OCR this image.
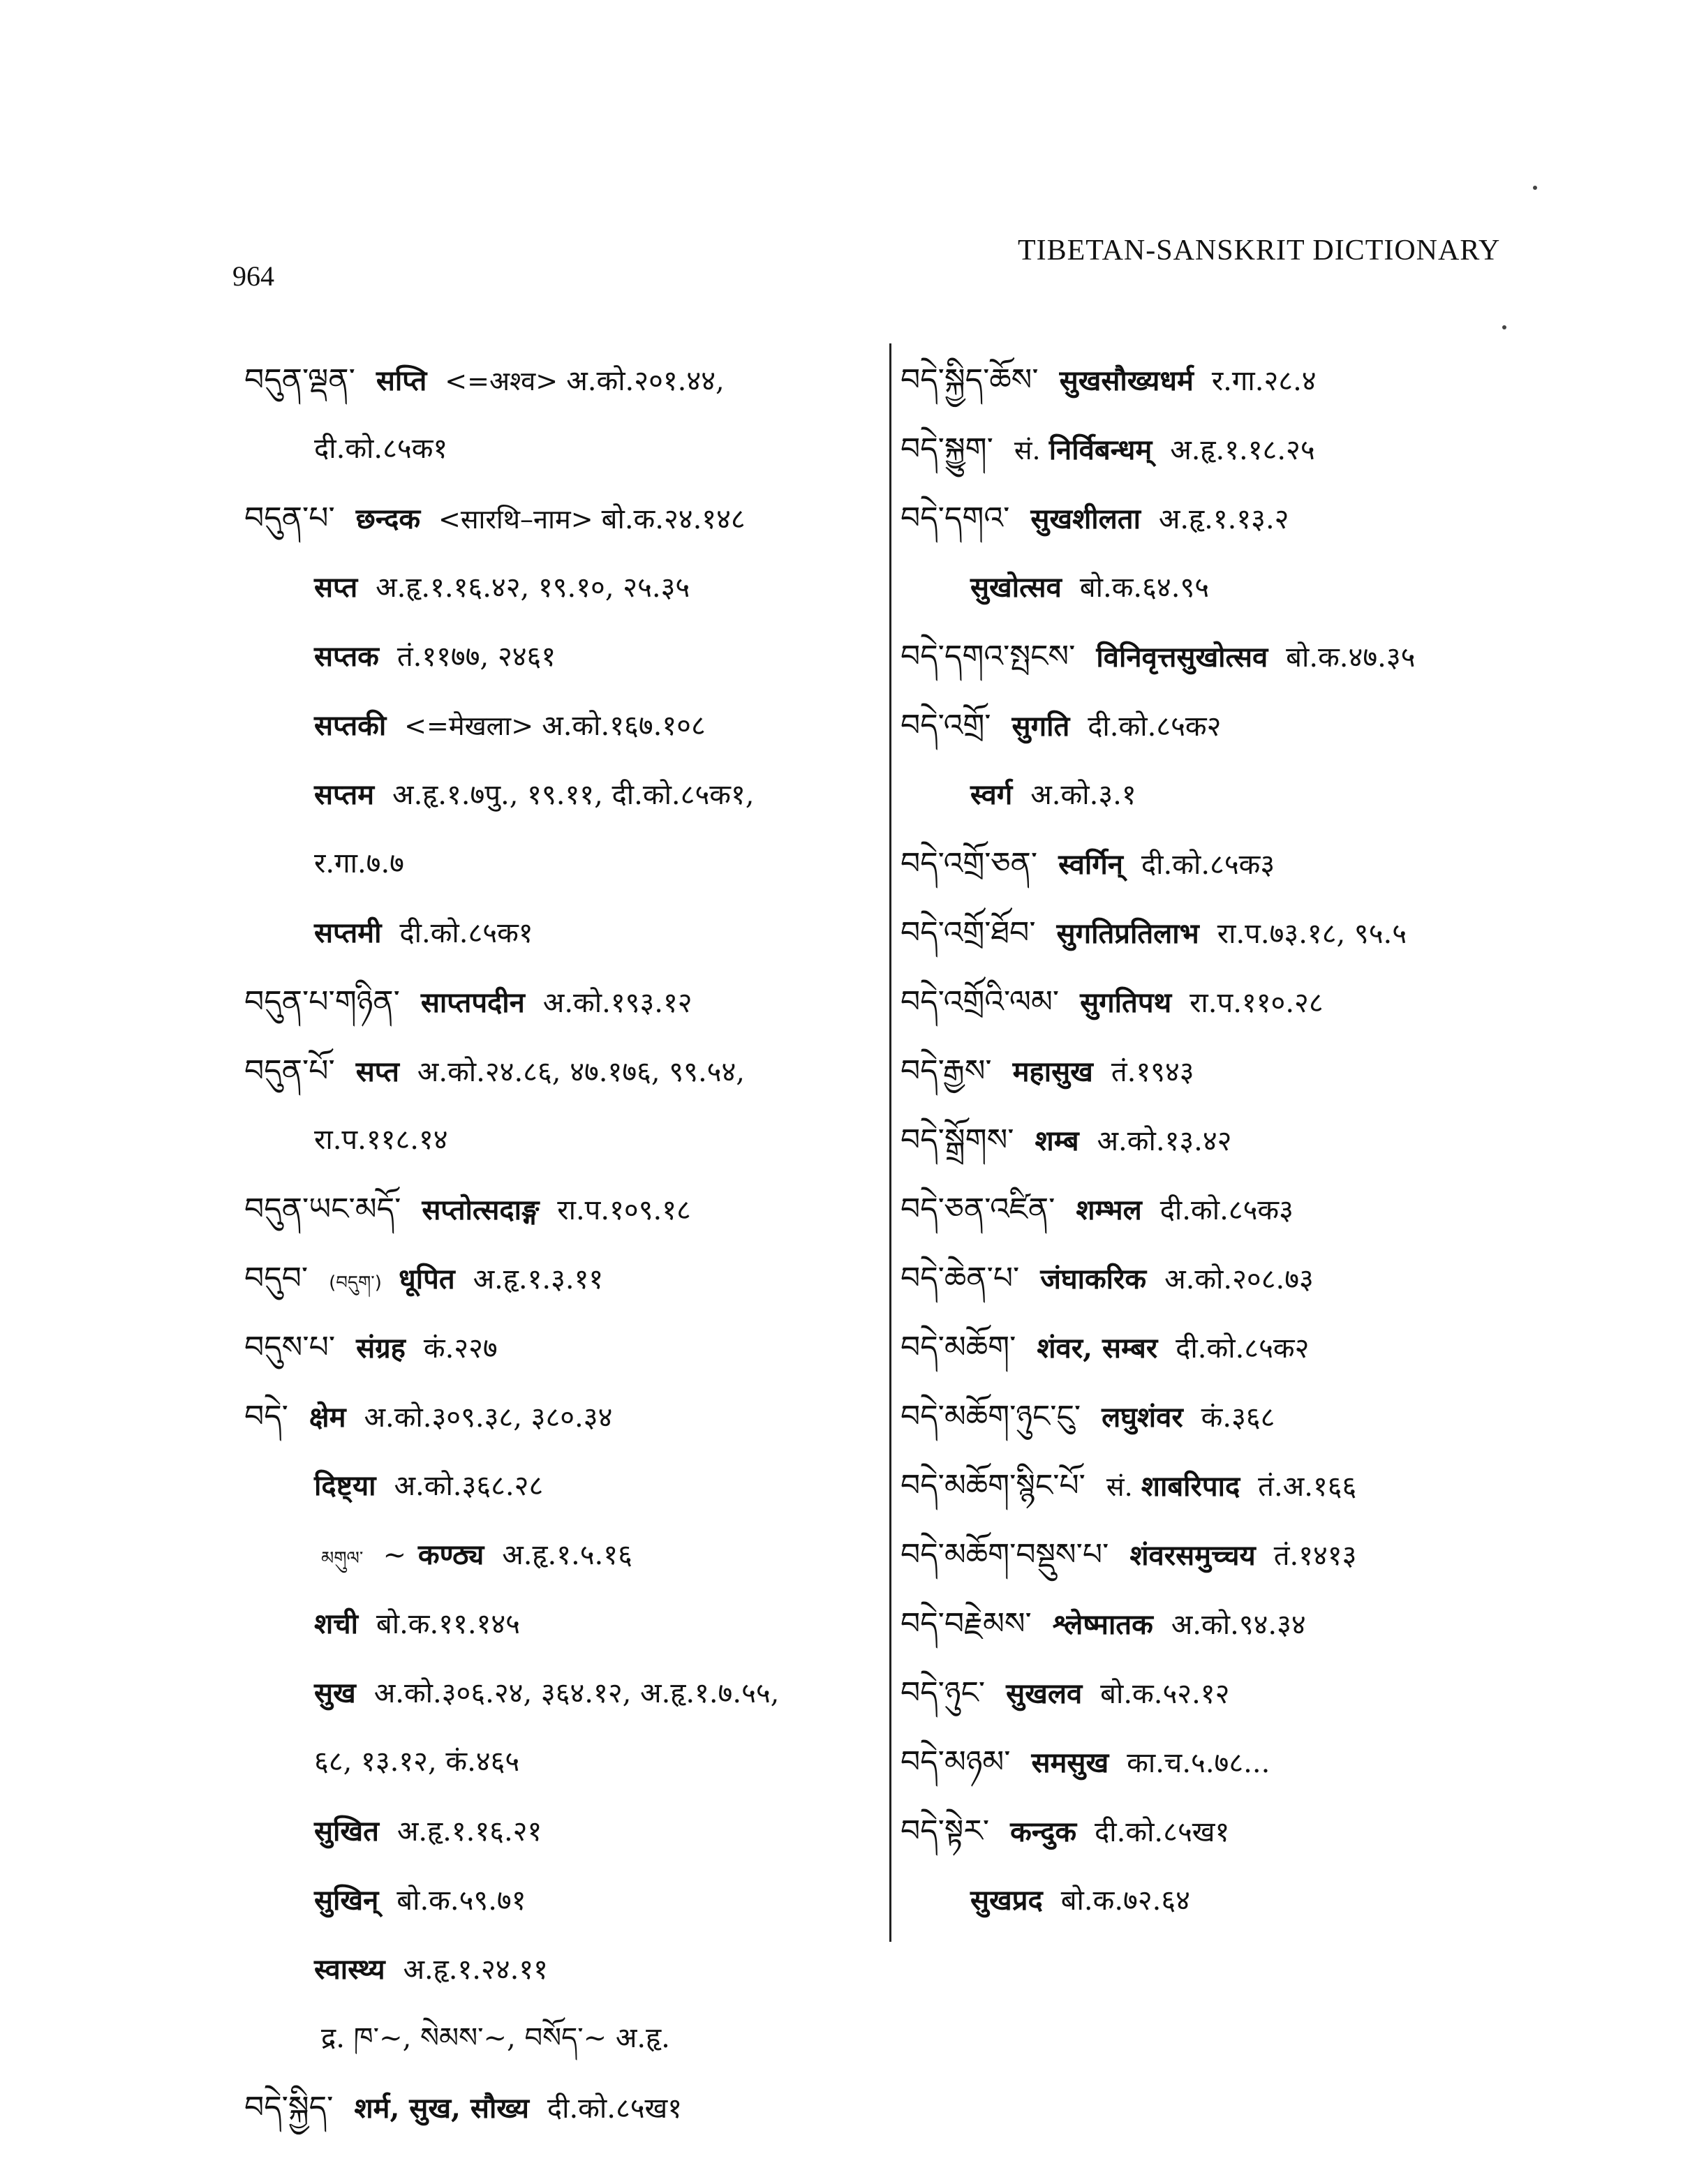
964
TIBETAN-SANSKRIT DICTIONARY
བདུན་ལྡན་ सप्ति <=अश्व> अ.को.२०१.४४,
दी.को.८५क१
བདུན་པ་ छन्दक <सारथि–नाम> बो.क.२४.१४८
सप्त अ.हृ.१.१६.४२, १९.१०, २५.३५
सप्तक तं.११७७, २४६१
सप्तकी <=मेखला> अ.को.१६७.१०८
सप्तम अ.हृ.१.७पु., १९.११, दी.को.८५क१,
र.गा.७.७
सप्तमी दी.को.८५क१
བདུན་པ་གཉིན་ साप्तपदीन अ.को.१९३.१२
བདུན་པོ་ सप्त अ.को.२४.८६, ४७.१७६, ९९.५४,
रा.प.११८.१४
བདུན་ཡང་མདོ་ सप्तोत्सदाङ्ग रा.प.१०९.१८
བདུབ་ (བདུག་) धूपित अ.हृ.१.३.११
བདུས་པ་ संग्रह कं.२२७
བདེ་ क्षेम अ.को.३०९.३८, ३८०.३४
दिष्ट्या अ.को.३६८.२८
མགུལ་ ~ कण्ठ्य अ.हृ.१.५.१६
शची बो.क.११.१४५
सुख अ.को.३०६.२४, ३६४.१२, अ.हृ.१.७.५५,
६८, १३.१२, कं.४६५
सुखित अ.हृ.१.१६.२१
सुखिन् बो.क.५९.७१
स्वास्थ्य अ.हृ.१.२४.११
द्र. ཁ་~, སེམས་~, བསོད་~ अ.हृ.
བདེ་སྐྱིད་ शर्म, सुख, सौख्य दी.को.८५ख१
བདེ་སྐྱིད་ཆོས་ सुखसौख्यधर्म र.गा.२८.४
བདེ་སྐྱུག་ सं. निर्विबन्धम् अ.हृ.१.१८.२५
བདེ་དགའ་ सुखशीलता अ.हृ.१.१३.२
सुखोत्सव बो.क.६४.९५
བདེ་དགའ་སྤངས་ विनिवृत्तसुखोत्सव बो.क.४७.३५
བདེ་འགྲོ་ सुगति दी.को.८५क२
स्वर्ग अ.को.३.१
བདེ་འགྲོ་ཅན་ स्वर्गिन् दी.को.८५क३
བདེ་འགྲོ་ཐོབ་ सुगतिप्रतिलाभ रा.प.७३.१८, ९५.५
བདེ་འགྲོའི་ལམ་ सुगतिपथ रा.प.११०.२८
བདེ་རྒྱས་ महासुख तं.१९४३
བདེ་སྒྲོགས་ शम्ब अ.को.१३.४२
བདེ་ཅན་འཛིན་ शम्भल दी.को.८५क३
བདེ་ཆེན་པ་ जंघाकरिक अ.को.२०८.७३
བདེ་མཆོག་ शंवर, सम्बर दी.को.८५क२
བདེ་མཆོག་ཉུང་ངུ་ लघुशंवर कं.३६८
བདེ་མཆོག་སྙིང་པོ་ सं. शाबरिपाद तं.अ.१६६
བདེ་མཆོག་བསྡུས་པ་ शंवरसमुच्चय तं.१४१३
བདེ་བརྗེམས་ श्लेष्मातक अ.को.९४.३४
བདེ་ཉུང་ सुखलव बो.क.५२.१२
བདེ་མཉམ་ समसुख का.च.५.७८...
བདེ་སྟེར་ कन्दुक दी.को.८५ख१
सुखप्रद बो.क.७२.६४
